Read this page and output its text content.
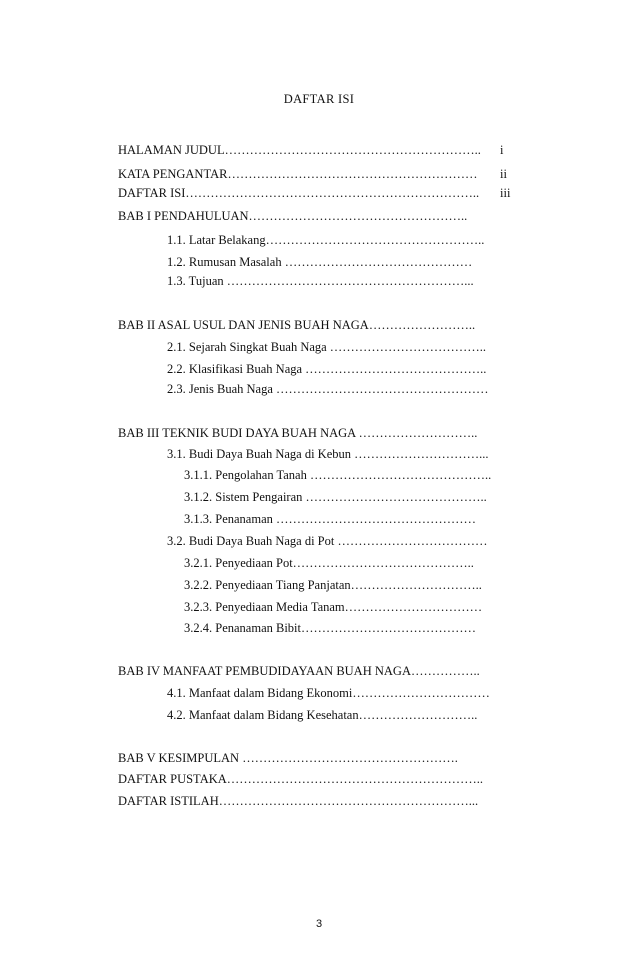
DAFTAR ISI
HALAMAN JUDUL…………………………………………………….. i
KATA PENGANTAR…………………………………………………… ii
DAFTAR ISI…………………………………………………………….. iii
BAB I PENDAHULUAN……………………………………………..
1.1. Latar Belakang……………………………………………..
1.2. Rumusan Masalah ………………………………………
1.3. Tujuan …………………………………………………...
BAB II ASAL USUL DAN JENIS BUAH NAGA……………………..
2.1. Sejarah Singkat Buah Naga ………………………………..
2.2. Klasifikasi Buah Naga ……………………………………..
2.3. Jenis Buah Naga ……………………………………………
BAB III TEKNIK BUDI DAYA BUAH NAGA ………………………..
3.1. Budi Daya Buah Naga di Kebun …………………………...
3.1.1. Pengolahan Tanah ……………………………………..
3.1.2. Sistem Pengairan ……………………………………..
3.1.3. Penanaman …………………………………………
3.2. Budi Daya Buah Naga di Pot ………………………………
3.2.1. Penyediaan Pot……………………………………..
3.2.2. Penyediaan Tiang Panjatan…………………………..
3.2.3. Penyediaan Media Tanam……………………………
3.2.4. Penanaman Bibit……………………………………
BAB IV MANFAAT PEMBUDIDAYAAN BUAH NAGA……………..
4.1. Manfaat dalam Bidang Ekonomi……………………………
4.2. Manfaat dalam Bidang Kesehatan………………………..
BAB V KESIMPULAN …………………………………………….
DAFTAR PUSTAKA……………………………………………………..
DAFTAR ISTILAH……………………………………………………...
3
